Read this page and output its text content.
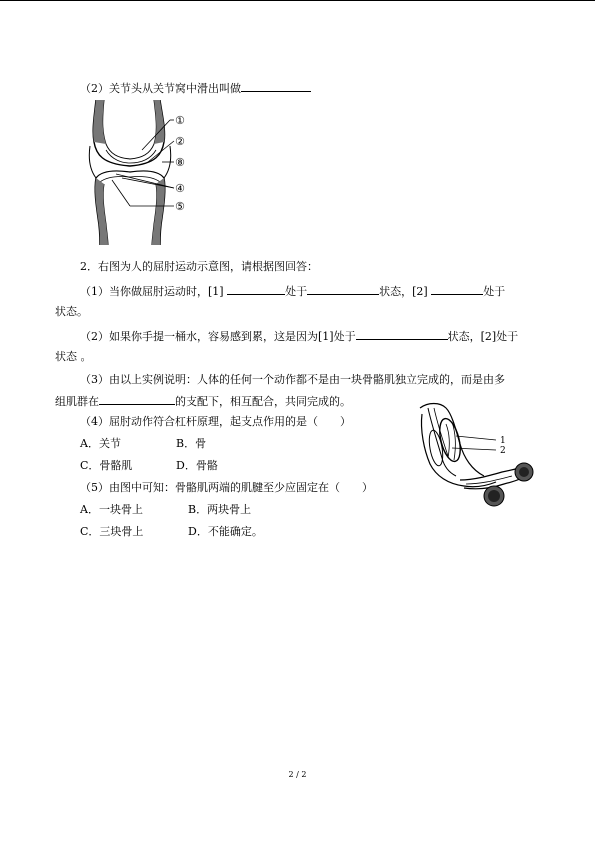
（2）关节头从关节窝中滑出叫做
①
②
⑧
④
⑤
2．右图为人的屈肘运动示意图，请根据图回答：
（1）当你做屈肘运动时，[1]	处于	状态，[2]	处于
状态。
（2）如果你手提一桶水，容易感到累，这是因为[1]处于	状态，[2]处于
状态 。
（3）由以上实例说明：人体的任何一个动作都不是由一块骨骼肌独立完成的，而是由多
组肌群在	的支配下，相互配合，共同完成的。
（4）屈肘动作符合杠杆原理，起支点作用的是（　　）
A．关节	B．骨
C．骨骼肌	D．骨骼
（5）由图中可知：骨骼肌两端的肌腱至少应固定在（　　）
A．一块骨上	B．两块骨上
C．三块骨上	D．不能确定。
1
2
2 / 2
